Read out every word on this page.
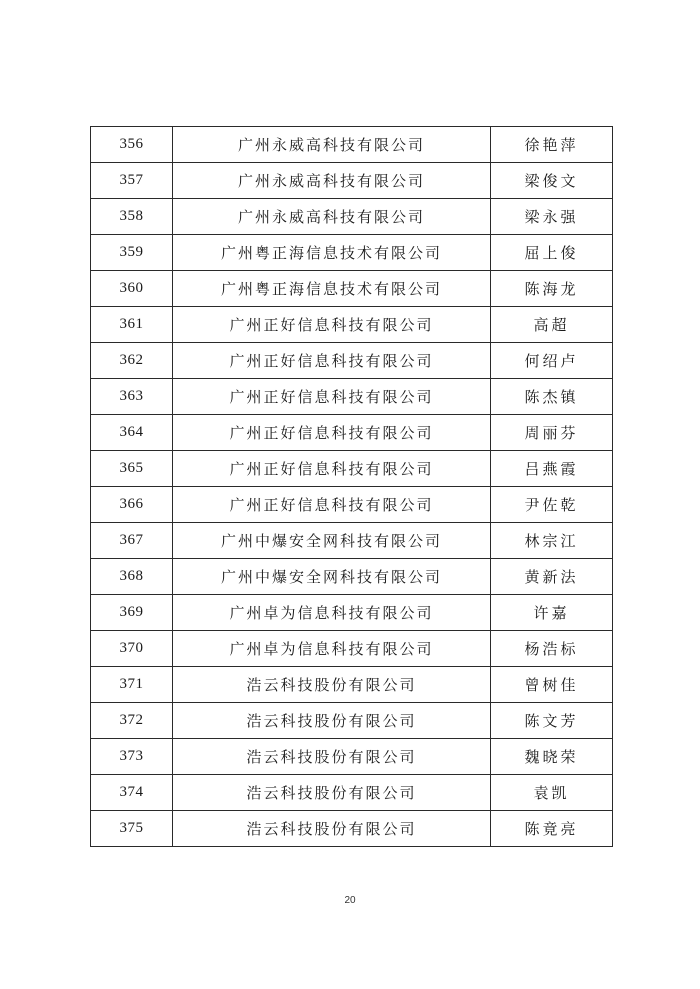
356	广州永威高科技有限公司	徐艳萍
357	广州永威高科技有限公司	梁俊文
358	广州永威高科技有限公司	梁永强
359	广州粤正海信息技术有限公司	屈上俊
360	广州粤正海信息技术有限公司	陈海龙
361	广州正好信息科技有限公司	高超
362	广州正好信息科技有限公司	何绍卢
363	广州正好信息科技有限公司	陈杰镇
364	广州正好信息科技有限公司	周丽芬
365	广州正好信息科技有限公司	吕燕霞
366	广州正好信息科技有限公司	尹佐乾
367	广州中爆安全网科技有限公司	林宗江
368	广州中爆安全网科技有限公司	黄新法
369	广州卓为信息科技有限公司	许嘉
370	广州卓为信息科技有限公司	杨浩标
371	浩云科技股份有限公司	曾树佳
372	浩云科技股份有限公司	陈文芳
373	浩云科技股份有限公司	魏晓荣
374	浩云科技股份有限公司	袁凯
375	浩云科技股份有限公司	陈竟亮
20
